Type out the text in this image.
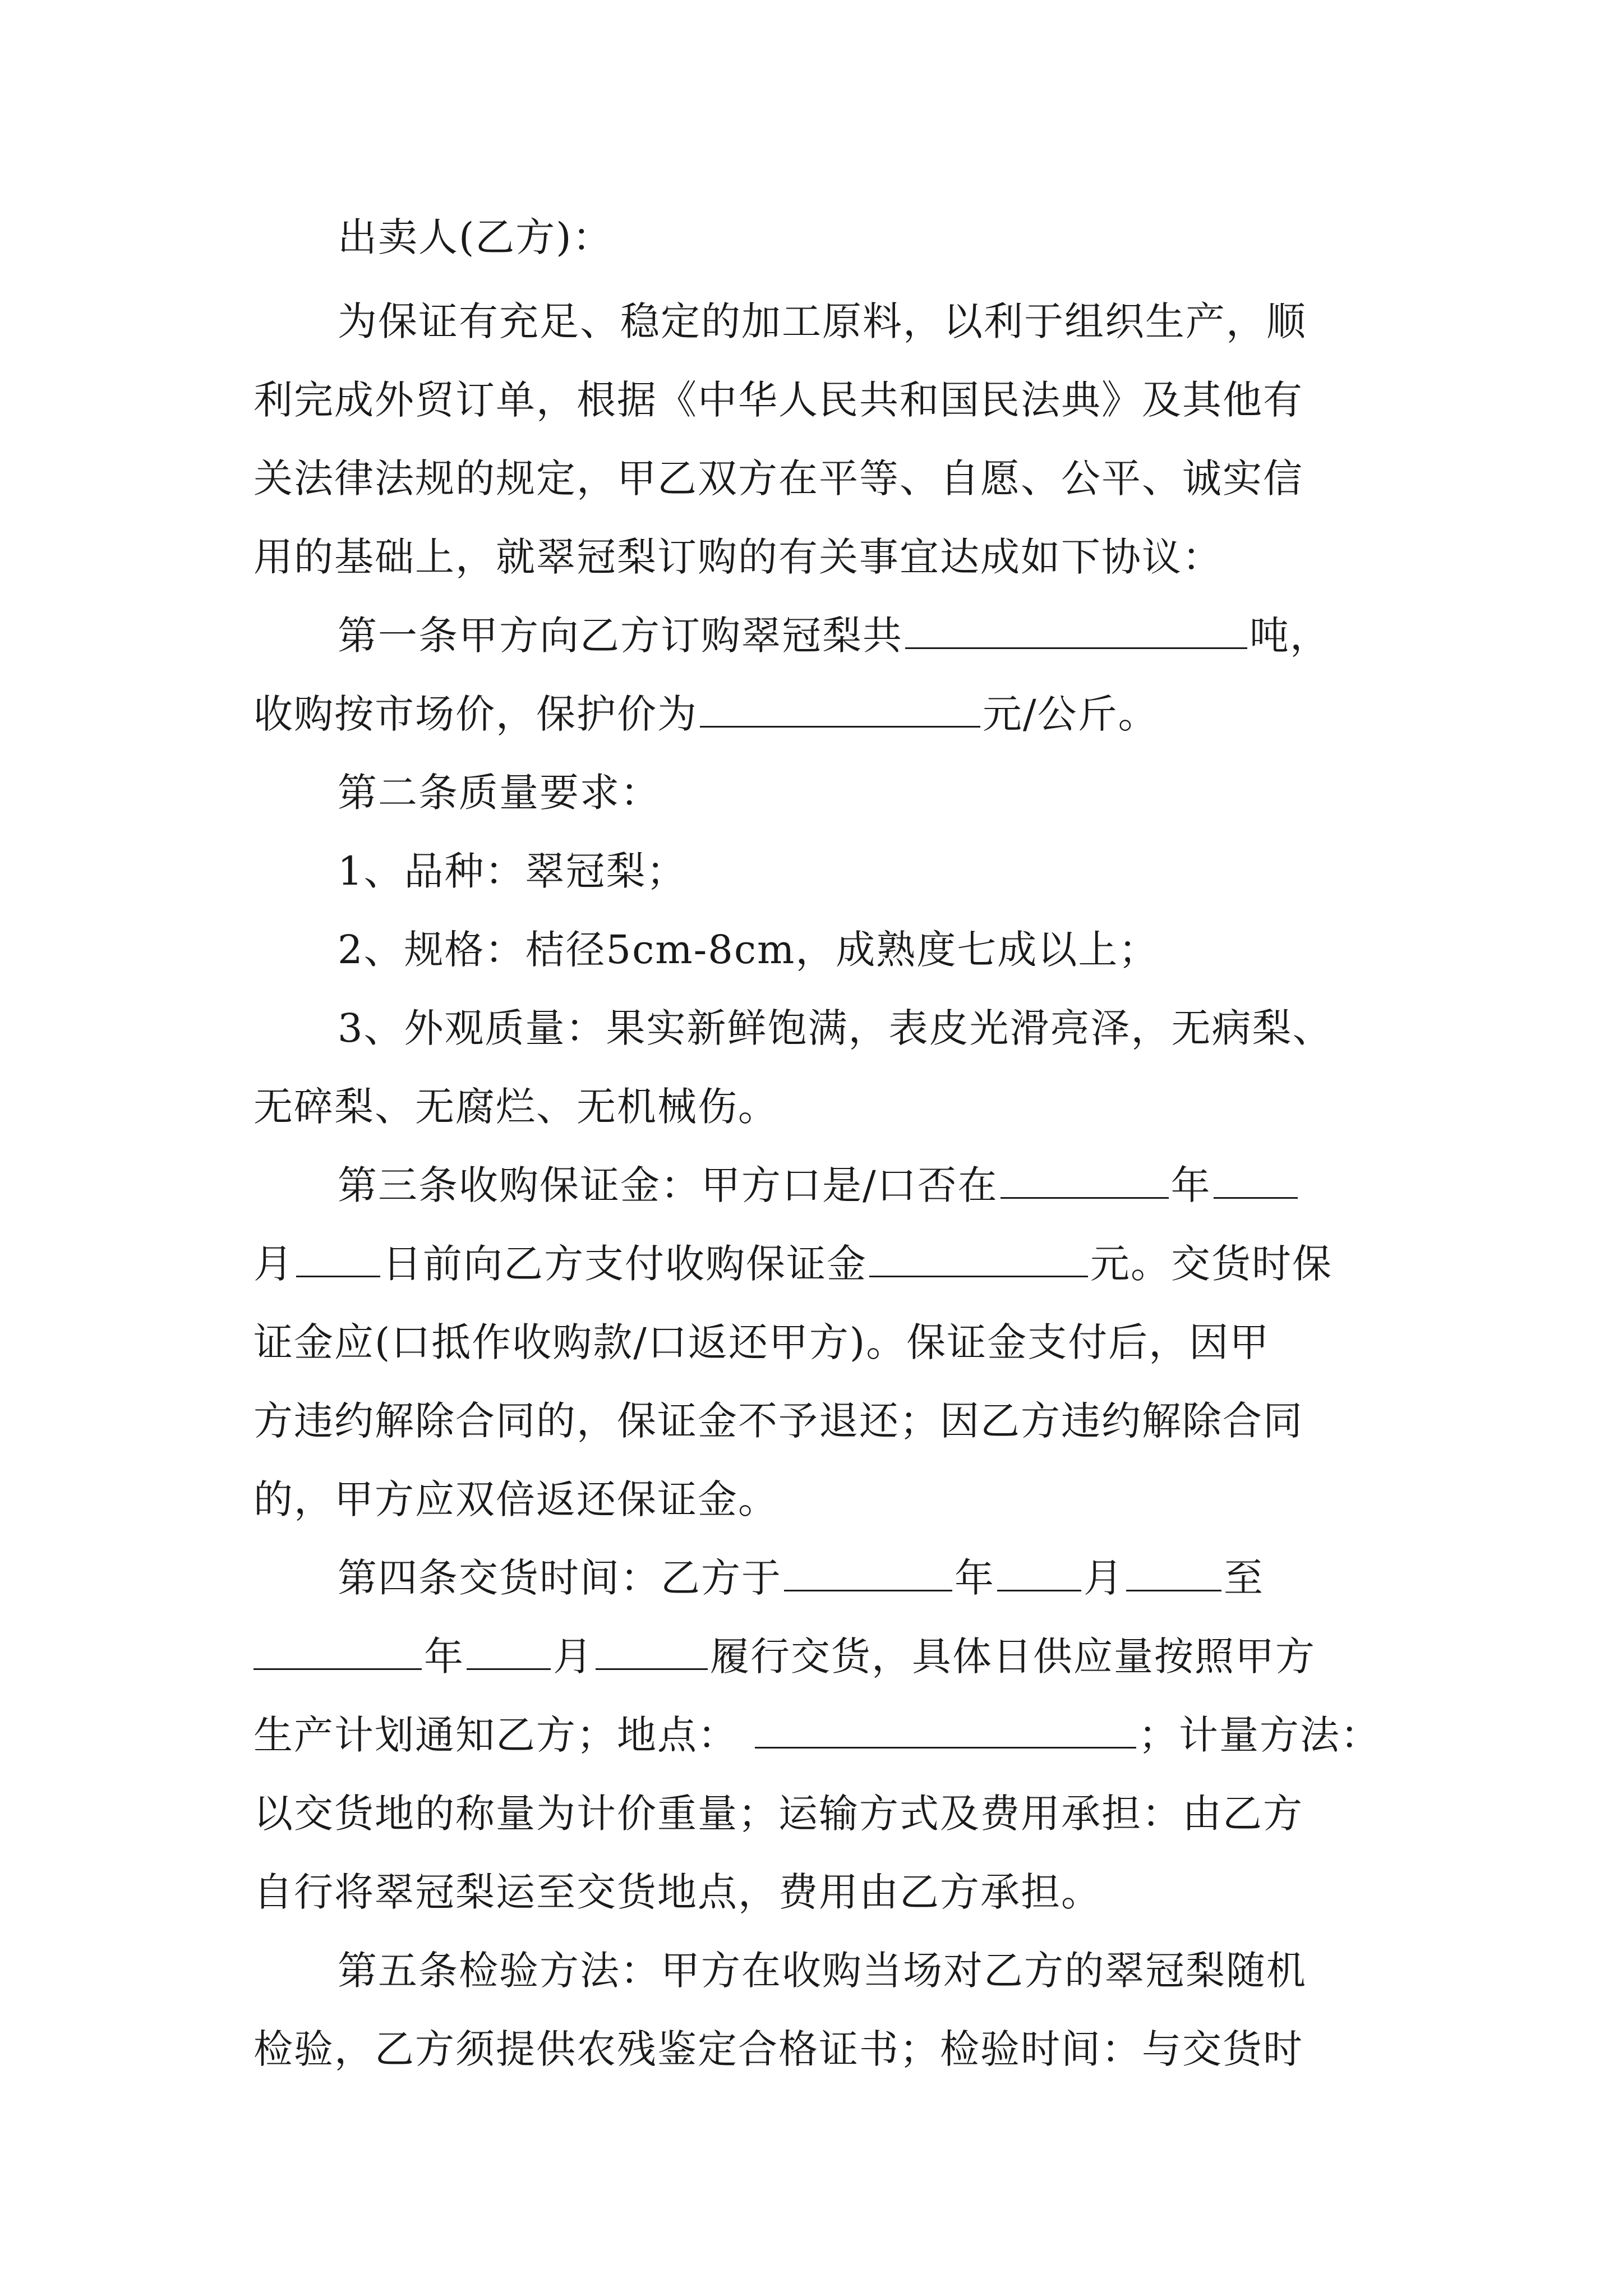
出卖人(乙方)：
为保证有充足、稳定的加工原料，以利于组织生产，顺
利完成外贸订单，根据《中华人民共和国民法典》及其他有
关法律法规的规定，甲乙双方在平等、自愿、公平、诚实信
用的基础上，就翠冠梨订购的有关事宜达成如下协议：
第一条甲方向乙方订购翠冠梨共	吨，
收购按市场价，保护价为	元/公斤。
第二条质量要求：
1、品种：翠冠梨；
2、规格：桔径5cm-8cm，成熟度七成以上；
3、外观质量：果实新鲜饱满，表皮光滑亮泽，无病梨、
无碎梨、无腐烂、无机械伤。
第三条收购保证金：甲方口是/口否在	年
月 日前向乙方支付收购保证金	元。交货时保
证金应(口抵作收购款/口返还甲方)。保证金支付后，因甲
方违约解除合同的，保证金不予退还；因乙方违约解除合同
的，甲方应双倍返还保证金。
第四条交货时间：乙方于	年 月	至
年 月	履行交货，具体日供应量按照甲方
生产计划通知乙方；地点：	；计量方法：
以交货地的称量为计价重量；运输方式及费用承担：由乙方
自行将翠冠梨运至交货地点，费用由乙方承担。
第五条检验方法：甲方在收购当场对乙方的翠冠梨随机
检验，乙方须提供农残鉴定合格证书；检验时间：与交货时
